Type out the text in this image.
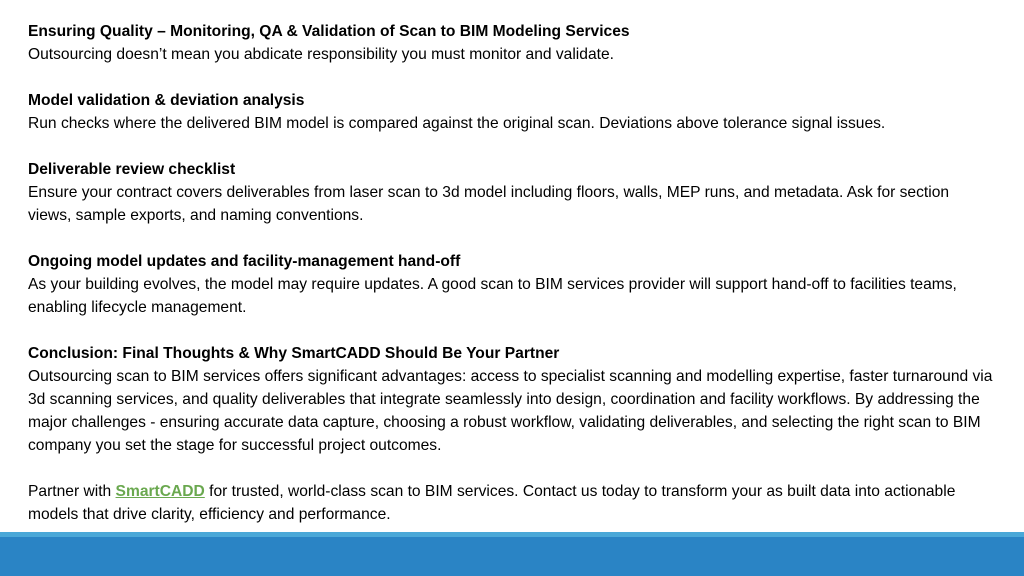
Ensuring Quality – Monitoring, QA & Validation of Scan to BIM Modeling Services
Outsourcing doesn’t mean you abdicate responsibility you must monitor and validate.
Model validation & deviation analysis
Run checks where the delivered BIM model is compared against the original scan. Deviations above tolerance signal issues.
Deliverable review checklist
Ensure your contract covers deliverables from laser scan to 3d model including floors, walls, MEP runs, and metadata. Ask for section views, sample exports, and naming conventions.
Ongoing model updates and facility-management hand-off
As your building evolves, the model may require updates. A good scan to BIM services provider will support hand-off to facilities teams, enabling lifecycle management.
Conclusion: Final Thoughts & Why SmartCADD Should Be Your Partner
Outsourcing scan to BIM services offers significant advantages: access to specialist scanning and modelling expertise, faster turnaround via 3d scanning services, and quality deliverables that integrate seamlessly into design, coordination and facility workflows. By addressing the major challenges - ensuring accurate data capture, choosing a robust workflow, validating deliverables, and selecting the right scan to BIM company you set the stage for successful project outcomes.
Partner with SmartCADD for trusted, world-class scan to BIM services. Contact us today to transform your as built data into actionable models that drive clarity, efficiency and performance.
